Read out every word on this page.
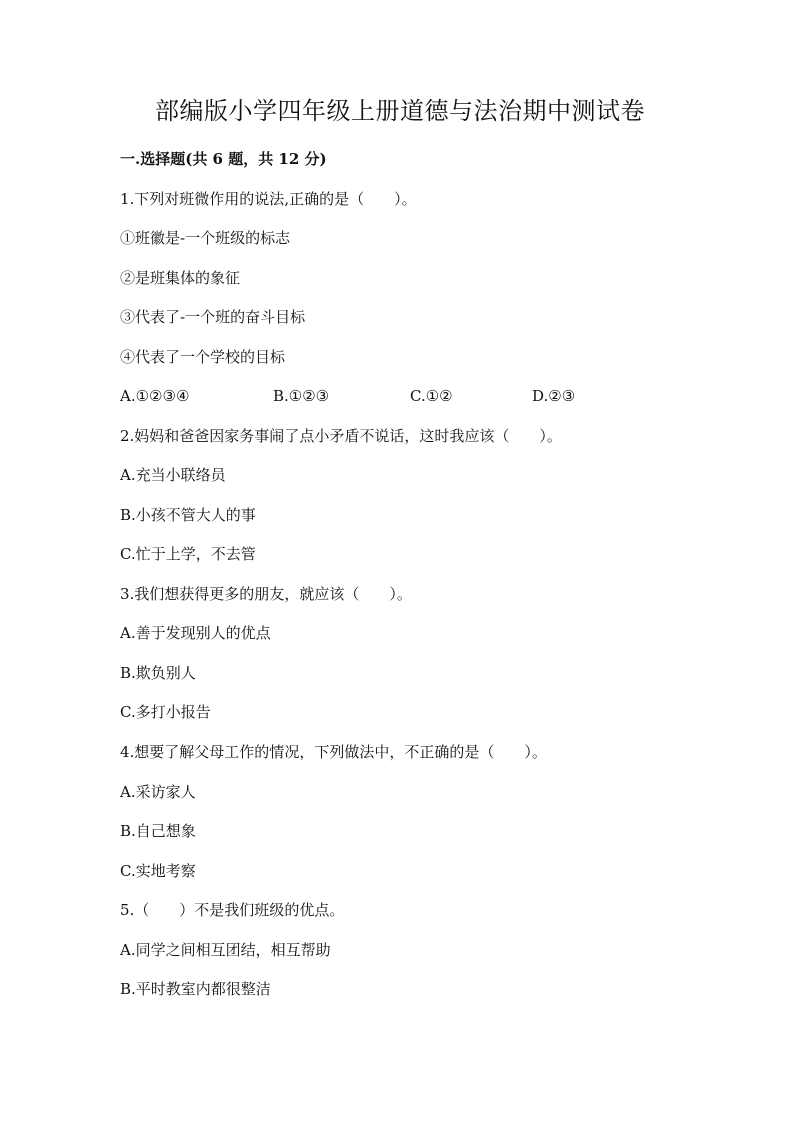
部编版小学四年级上册道德与法治期中测试卷
一.选择题(共 6 题，共 12 分)
1.下列对班微作用的说法,正确的是（　　）。
①班徽是-一个班级的标志
②是班集体的象征
③代表了-一个班的奋斗目标
④代表了一个学校的目标
A.①②③④	B.①②③	C.①②	D.②③
2.妈妈和爸爸因家务事闹了点小矛盾不说话，这时我应该（　　）。
A.充当小联络员
B.小孩不管大人的事
C.忙于上学，不去管
3.我们想获得更多的朋友，就应该（　　）。
A.善于发现别人的优点
B.欺负别人
C.多打小报告
4.想要了解父母工作的情况，下列做法中，不正确的是（　　）。
A.采访家人
B.自己想象
C.实地考察
5.（　　）不是我们班级的优点。
A.同学之间相互团结，相互帮助
B.平时教室内都很整洁
